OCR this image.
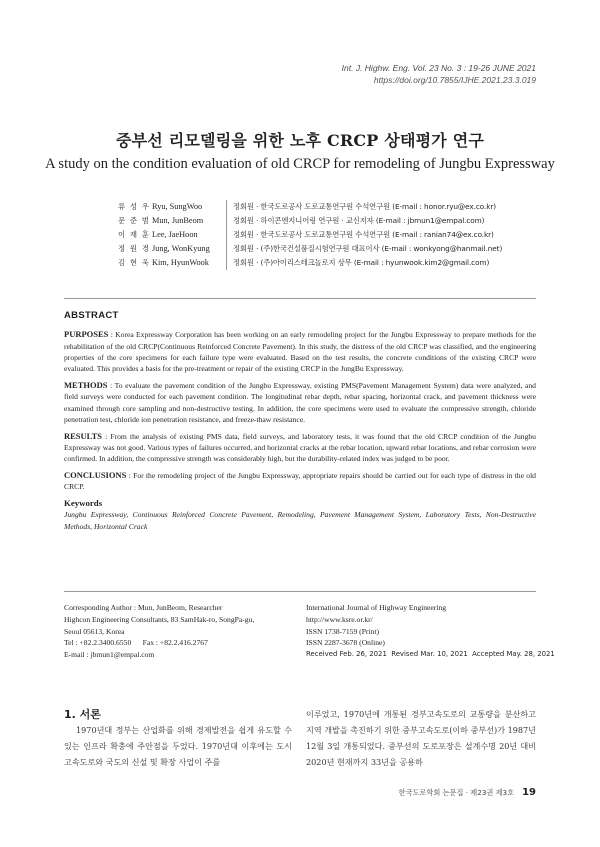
Int. J. Highw. Eng. Vol. 23 No. 3 : 19-26 JUNE 2021
https://doi.org/10.7855/IJHE.2021.23.3.019
중부선 리모델링을 위한 노후 CRCP 상태평가 연구
A study on the condition evaluation of old CRCP for remodeling of Jungbu Expressway
류 성 우 Ryu, SungWoo	정회원 · 한국도로공사 도로교통연구원 수석연구원 (E-mail : honor.ryu@ex.co.kr)
문 준 범 Mun, JunBeom	정회원 · 하이콘엔지니어링 연구원 · 교신저자 (E-mail : jbmun1@empal.com)
이 재 훈 Lee, JaeHoon	정회원 · 한국도로공사 도로교통연구원 수석연구원 (E-mail : ranian74@ex.co.kr)
정 원 경 Jung, WonKyung	정회원 · (주)한국건설품질시험연구원 대표이사 (E-mail : wonkyong@hanmail.net)
김 현 욱 Kim, HyunWook	정회원 · (주)아이리스테크놀로지 상무 (E-mail : hyunwook.kim2@gmail.com)
ABSTRACT

PURPOSES : Korea Expressway Corporation has been working on an early remodeling project for the Jungbu Expressway to prepare methods for the rehabilitation of the old CRCP(Continuous Reinforced Concrete Pavement). In this study, the distress of the old CRCP was classified, and the engineering properties of the core specimens for each failure type were evaluated. Based on the test results, the concrete conditions of the existing CRCP were evaluated. This provides a basis for the pre-treatment or repair of the existing CRCP in the JungBu Expressway.

METHODS : To evaluate the pavement condition of the Jungbu Expressway, existing PMS(Pavement Management System) data were analyzed, and field surveys were conducted for each pavement condition. The longitudinal rebar depth, rebar spacing, horizontal crack, and pavement thickness were examined through core sampling and non-destructive testing. In addition, the core specimens were used to evaluate the compressive strength, chloride penetration test, chloride ion penetration resistance, and freeze-thaw resistance.

RESULTS : From the analysis of existing PMS data, field surveys, and laboratory tests, it was found that the old CRCP condition of the Jungbu Expressway was not good. Various types of failures occurred, and horizontal cracks at the rebar location, upward rebar locations, and rebar corrosion were confirmed. In addition, the compressive strength was considerably high, but the durability-related index was judged to be poor.

CONCLUSIONS : For the remodeling project of the Jungbu Expressway, appropriate repairs should be carried out for each type of distress in the old CRCP.

Keywords

Jungbu Expressway, Continuous Reinforced Concrete Pavement, Remodeling, Pavement Management System, Laboratory Tests, Non-Destructive Methods, Horizontal Crack

Corresponding Author : Mun, JunBeom, Researcher
Highcon Engineering Consultants, 83 SamHak-ro, SongPa-gu,
Seoul 05613, Korea
Tel : +82.2.3400.6550      Fax : +82.2.416.2767
E-mail : jbmun1@empal.com
International Journal of Highway Engineering
http://www.ksre.or.kr/
ISSN 1738-7159 (Print)
ISSN 2287-3678 (Online)
Received Feb. 26, 2021 Revised Mar. 10, 2021 Accepted May. 28, 2021
1. 서론

1970년대 정부는 산업화를 위해 경제발전을 쉽게 유도할 수 있는 인프라 확충에 주안점을 두었다. 1970년대 이후에는 도시 고속도로와 국도의 신설 및 확장 사업이 주를

이루었고, 1970년에 개통된 경부고속도로의 교통량을 분산하고 지역 개발을 촉진하기 위한 중부고속도로(이하 중부선)가 1987년 12월 3일 개통되었다. 중부선의 도로포장은 설계수명 20년 대비 2020년 현재까지 33년을 공용하

한국도로학회 논문집 · 제23권 제3호 19
